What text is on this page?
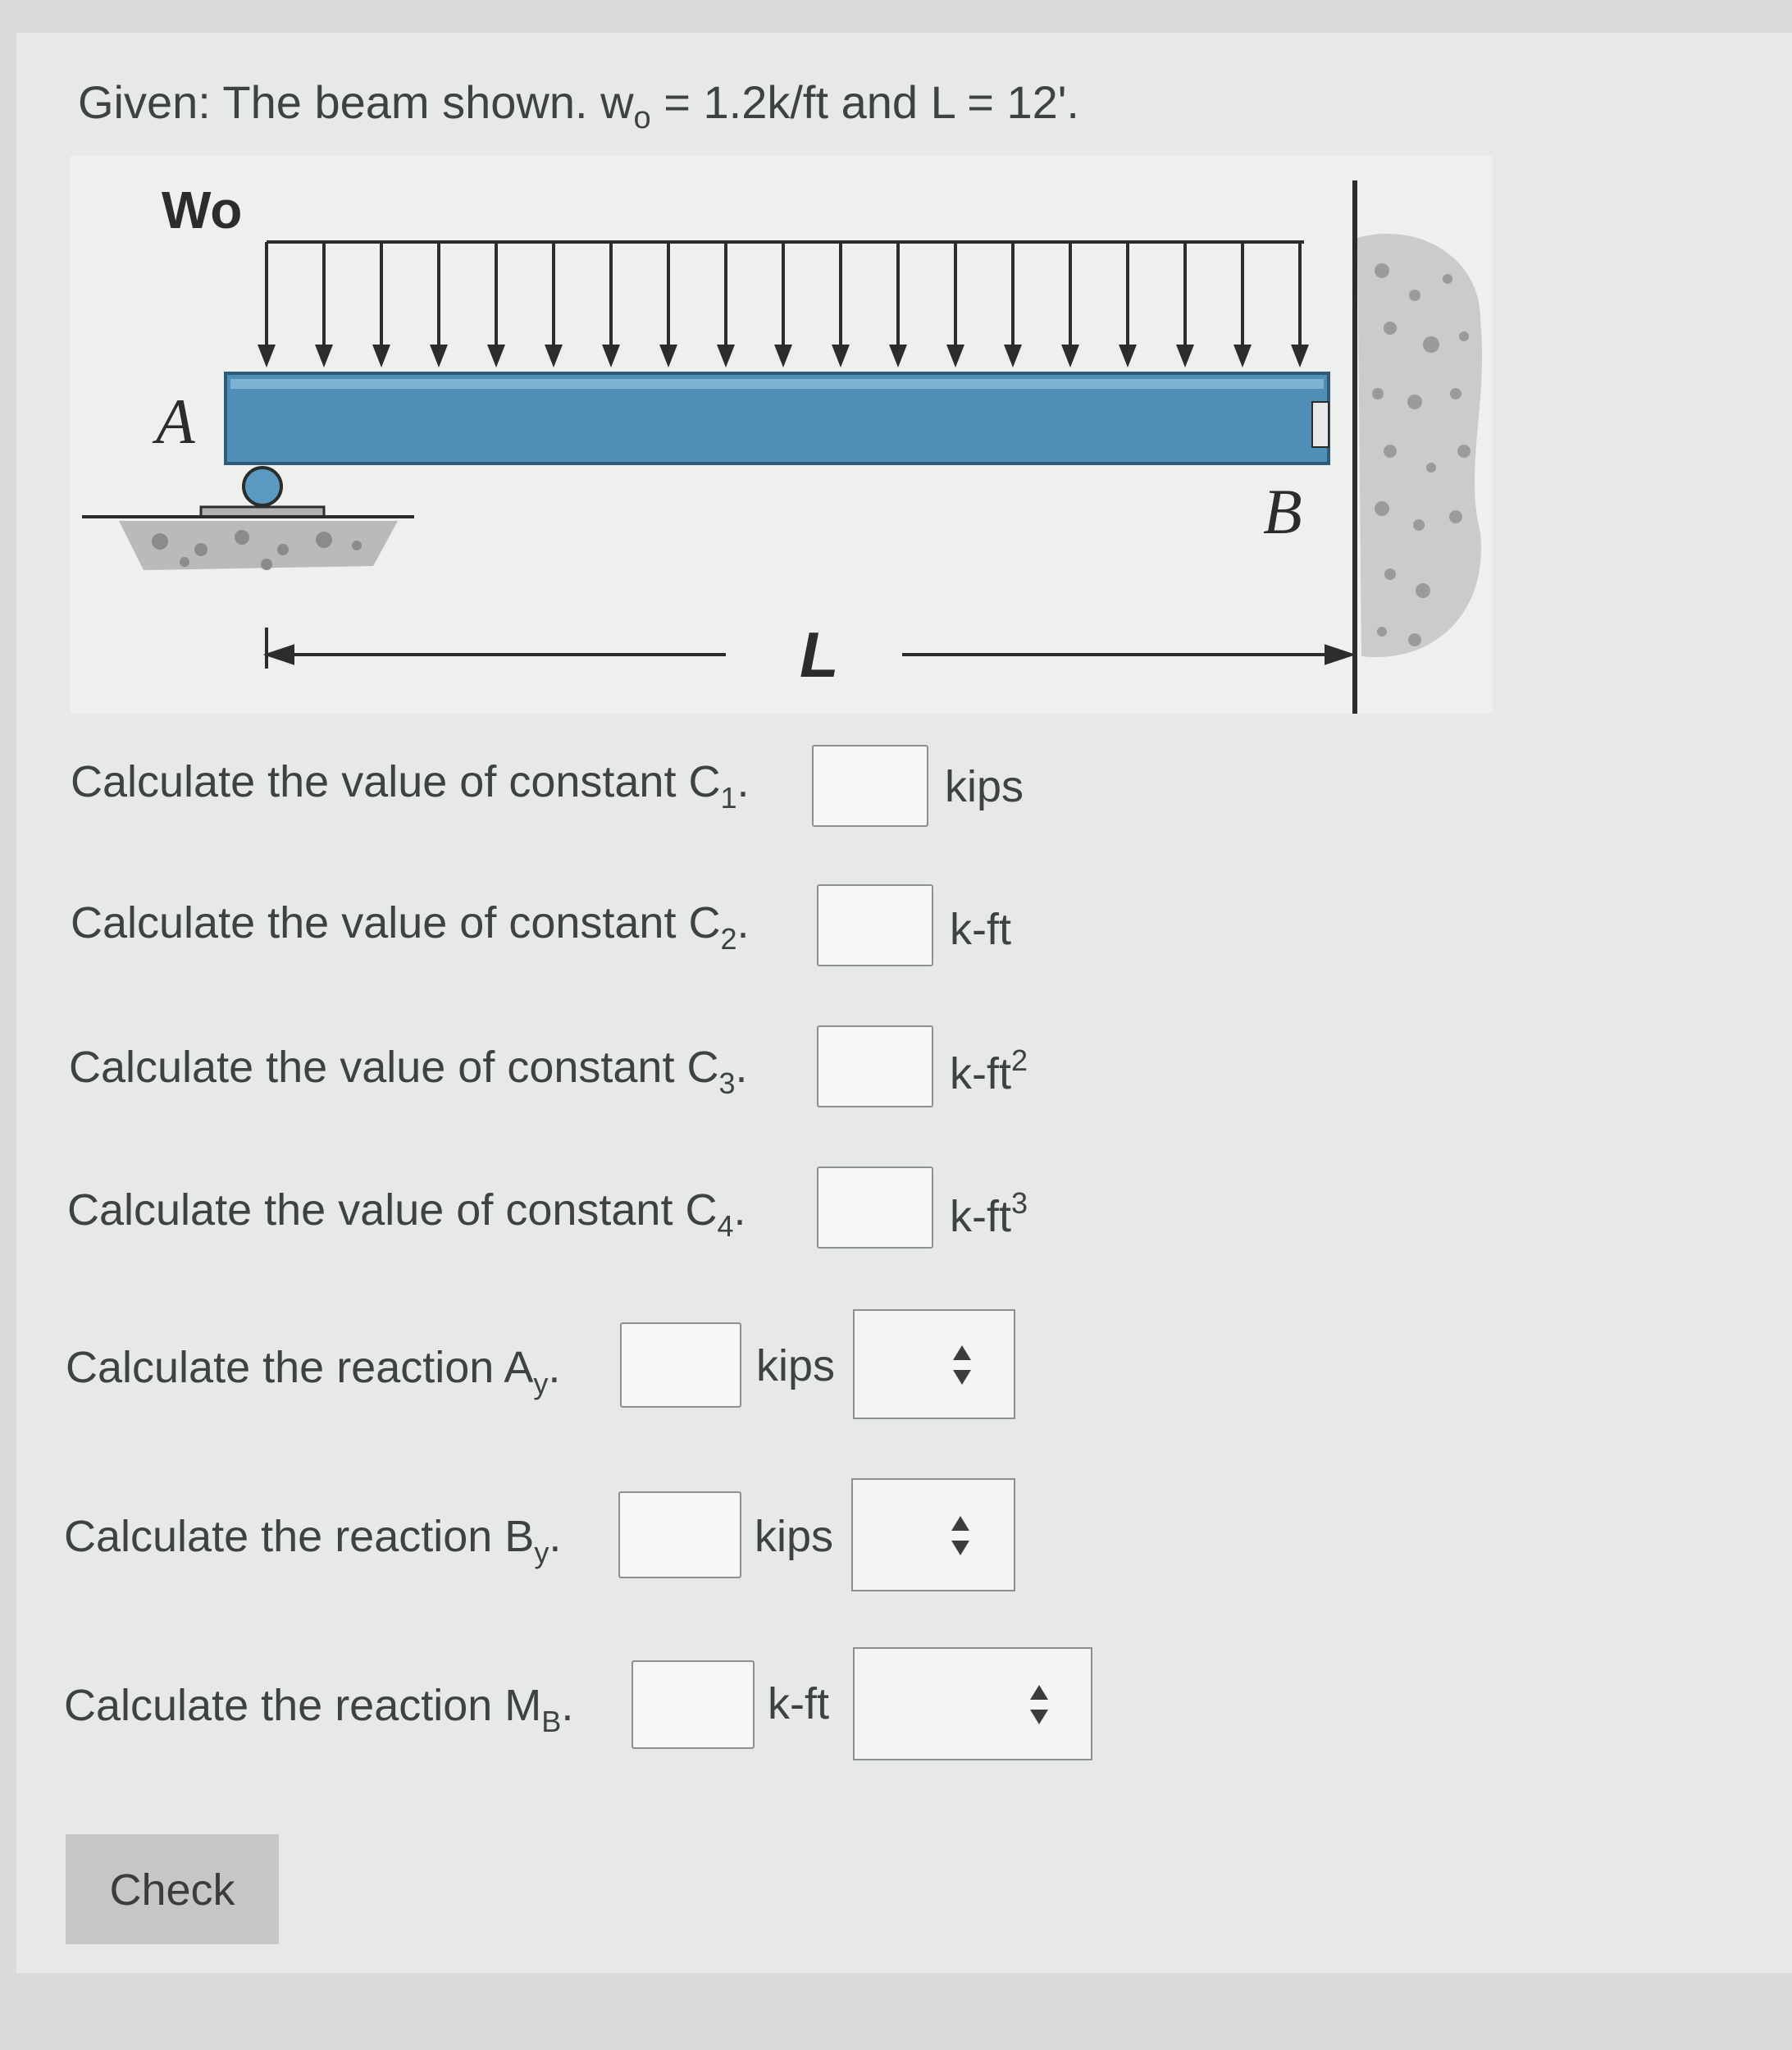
Given: The beam shown. $w_o = 1.2k/ft$ and L = 12'.
Wo
A
B
L
Calculate the value of constant $C_1$.	kips
Calculate the value of constant $C_2$.	k-ft
Calculate the value of constant $C_3$.	$k-ft^2$
Calculate the value of constant $C_4$.	$k-ft^3$
Calculate the reaction $A_y$.	kips
Calculate the reaction $B_y$.	kips
Calculate the reaction $M_B$.	k-ft
Check
